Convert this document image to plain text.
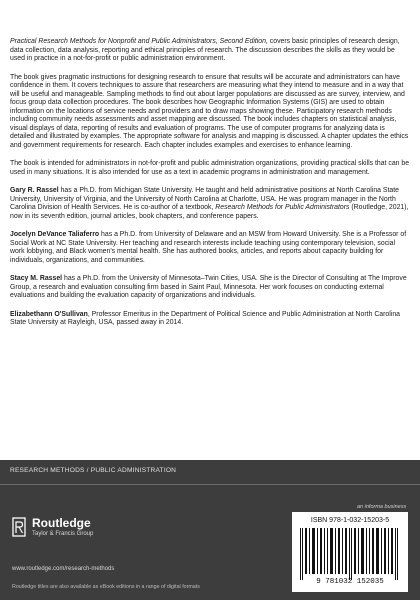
Practical Research Methods for Nonprofit and Public Administrators, Second Edition, covers basic principles of research design, data collection, data analysis, reporting and ethical principles of research. The discussion describes the skills as they would be used in practice in a not-for-profit or public administration environment.

The book gives pragmatic instructions for designing research to ensure that results will be accurate and administrators can have confidence in them. It covers techniques to assure that researchers are measuring what they intend to measure and in a way that will be useful and manageable. Sampling methods to find out about larger populations are discussed as are survey, interview, and focus group data collection procedures. The book describes how Geographic Information Systems (GIS) are used to obtain information on the locations of service needs and providers and to draw maps showing these. Participatory research methods including community needs assessments and asset mapping are discussed. The book includes chapters on statistical analysis, visual displays of data, reporting of results and evaluation of programs. The use of computer programs for analyzing data is detailed and illustrated by examples. The appropriate software for analysis and mapping is discussed. A chapter updates the ethics and government requirements for research. Each chapter includes examples and exercises to enhance learning.

The book is intended for administrators in not-for-profit and public administration organizations, providing practical skills that can be used in many situations. It is also intended for use as a text in academic programs in administration and management.

Gary R. Rassel has a Ph.D. from Michigan State University. He taught and held administrative positions at North Carolina State University, University of Virginia, and the University of North Carolina at Charlotte, USA. He was program manager in the North Carolina Division of Health Services. He is co-author of a textbook, Research Methods for Public Administrators (Routledge, 2021), now in its seventh edition, journal articles, book chapters, and conference papers.

Jocelyn DeVance Taliaferro has a Ph.D. from University of Delaware and an MSW from Howard University. She is a Professor of Social Work at NC State University. Her teaching and research interests include teaching using contemporary television, social work lobbying, and Black women's mental health. She has authored books, articles, and reports about capacity building for individuals, organizations, and communities.

Stacy M. Rassel has a Ph.D. from the University of Minnesota–Twin Cities, USA. She is the Director of Consulting at The Improve Group, a research and evaluation consulting firm based in Saint Paul, Minnesota. Her work focuses on conducting external evaluations and building the evaluation capacity of organizations and individuals.

Elizabethann O'Sullivan, Professor Emeritus in the Department of Political Science and Public Administration at North Carolina State University at Rayleigh, USA, passed away in 2014.

RESEARCH METHODS / PUBLIC ADMINISTRATION
Routledge
Taylor & Francis Group
www.routledge.com/research-methods
Routledge titles are also available as eBook editions in a range of digital formats
an informa business
ISBN 978-1-032-15203-5
9 781032 152035
